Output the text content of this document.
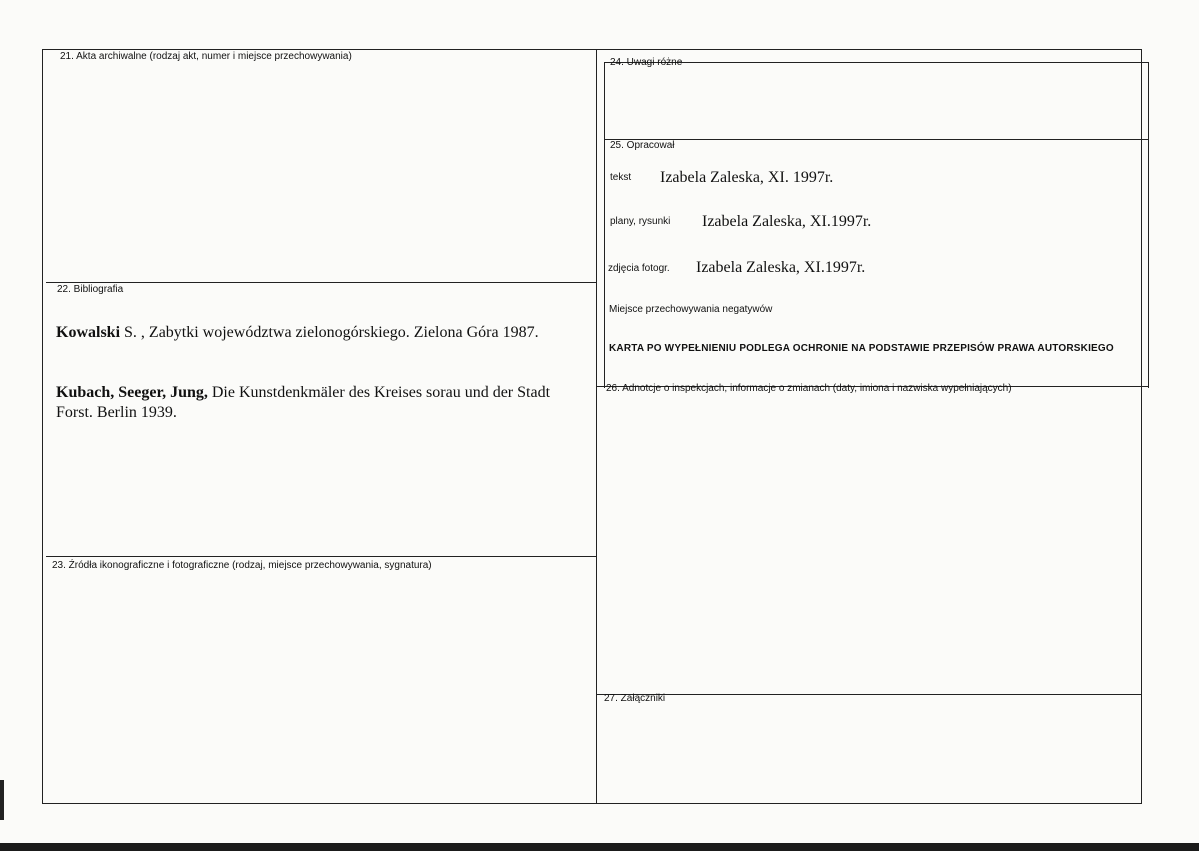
21. Akta archiwalne (rodzaj akt, numer i miejsce przechowywania)
22. Bibliografia
Kowalski S. , Zabytki województwa zielonogórskiego. Zielona Góra 1987.
Kubach, Seeger, Jung, Die Kunstdenkmäler des Kreises sorau und der Stadt
Forst. Berlin 1939.
23. Źródła ikonograficzne i fotograficzne (rodzaj, miejsce przechowywania, sygnatura)
24. Uwagi różne
25. Opracował
tekst Izabela Zaleska, XI. 1997r.
plany, rysunki Izabela Zaleska, XI.1997r.
zdjęcia fotogr. Izabela Zaleska, XI.1997r.
Miejsce przechowywania negatywów
KARTA PO WYPEŁNIENIU PODLEGA OCHRONIE NA PODSTAWIE PRZEPISÓW PRAWA AUTORSKIEGO
26. Adnotcje o inspekcjach, informacje o zmianach (daty, imiona i nazwiska wypełniających)
27. Załączniki
